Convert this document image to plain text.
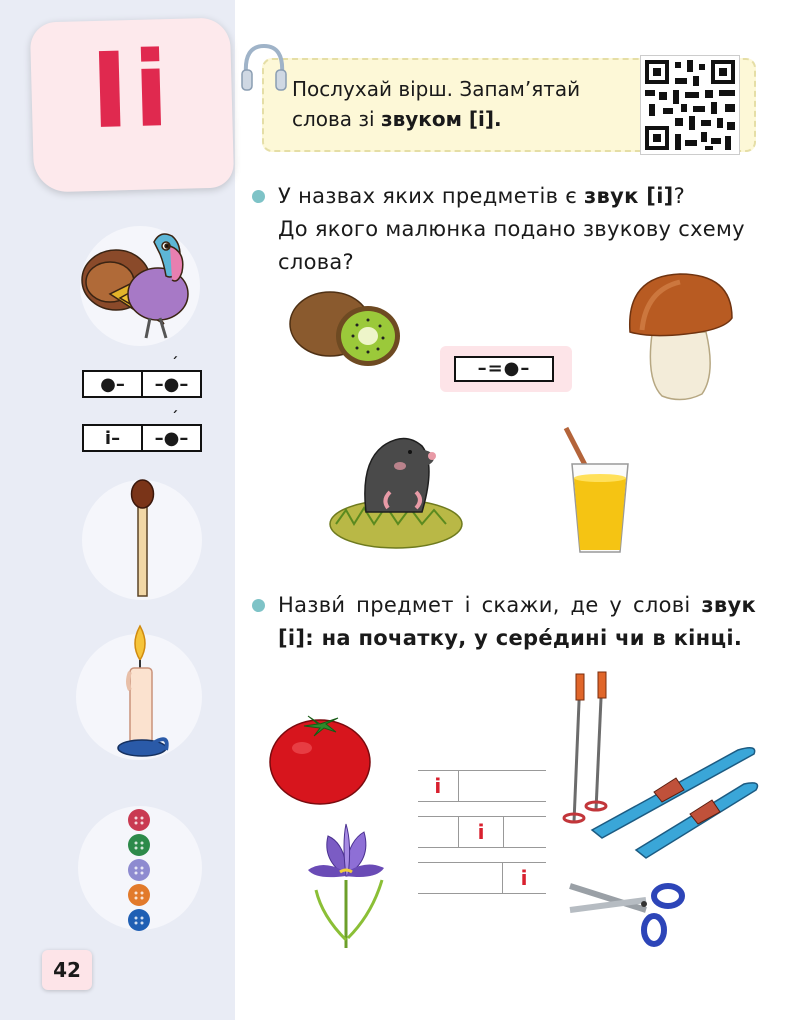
Іі
●–
´
–●–
і–
´
–●–
42
Послухай вірш. Запам’ятай слова зі звуком [і].
У назвах яких предметів є звук [і]?
До якого малюнка подано звукову схему слова?
–=●–
Назви́ предмет і скажи, де у слові звук [і]: на початку, у сере́дині чи в кінці.
і
і
і
